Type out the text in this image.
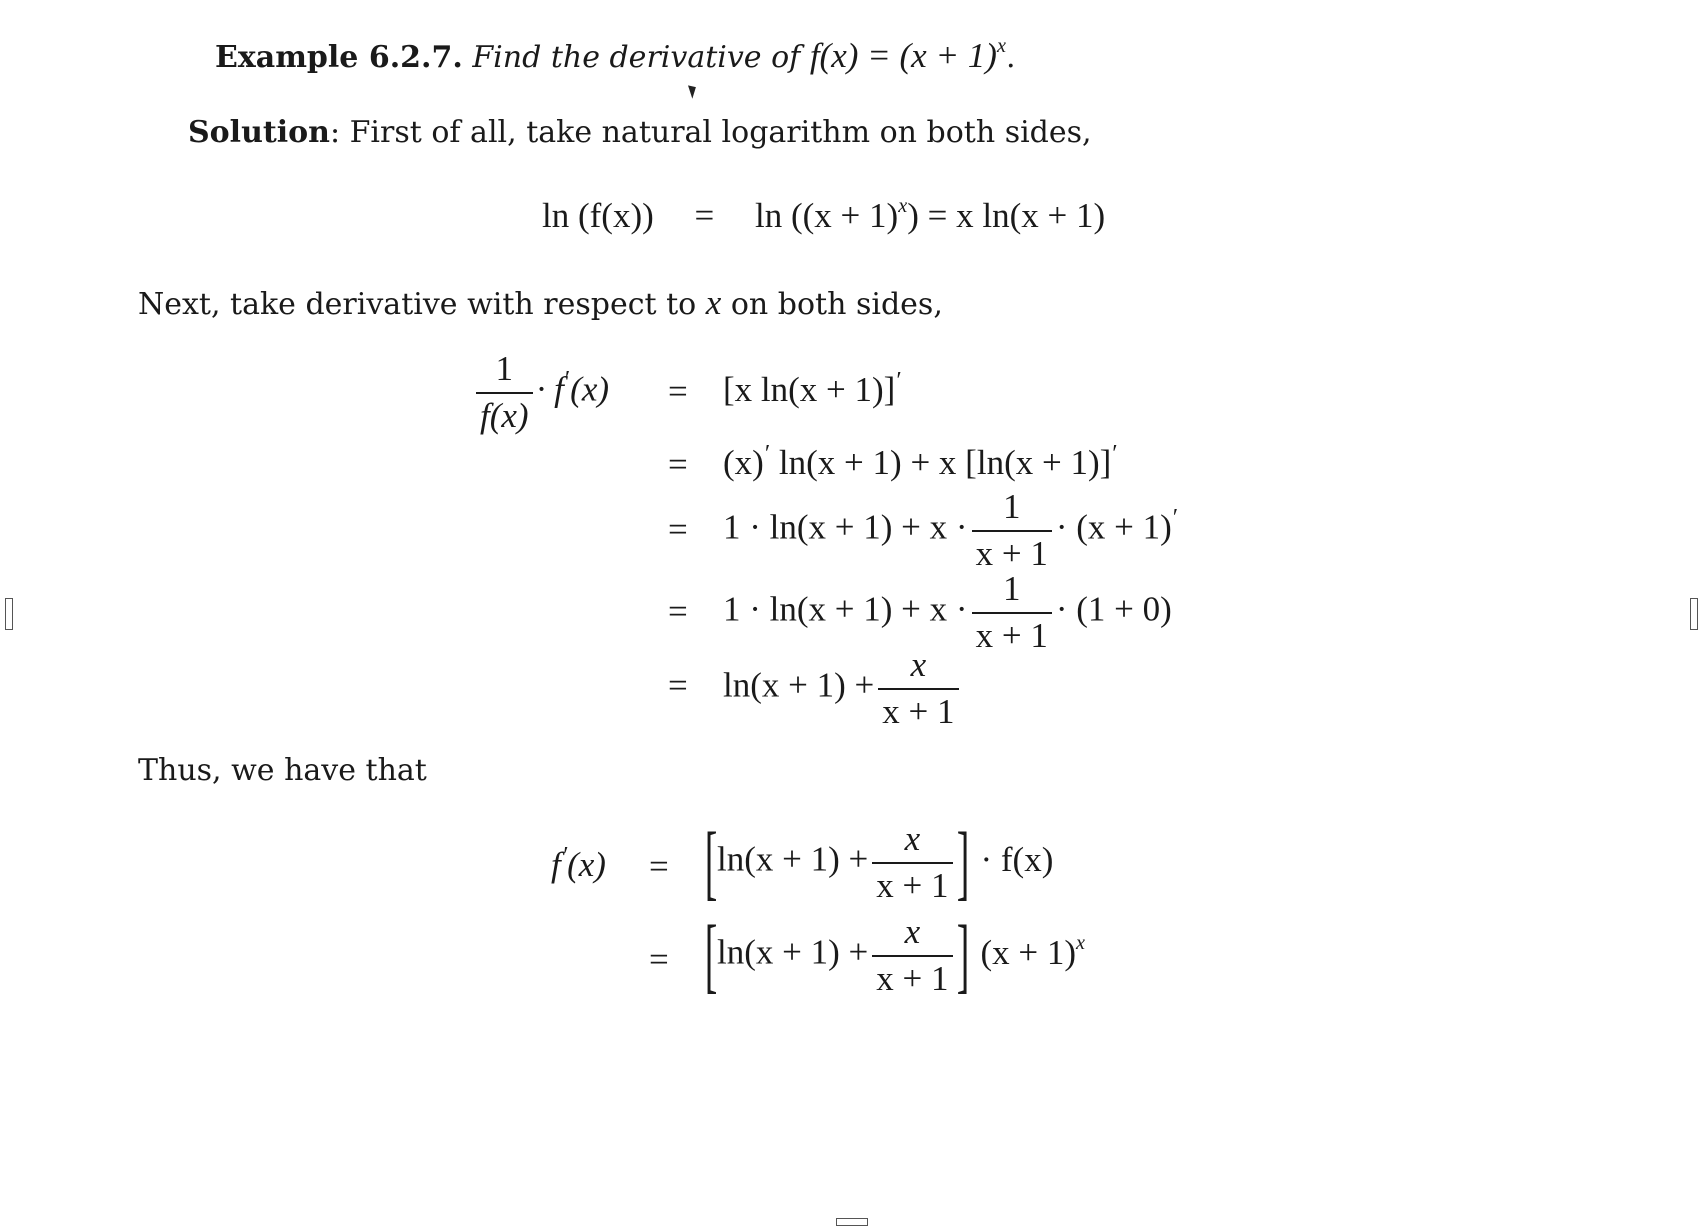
Example 6.2.7. Find the derivative of $f(x) = (x + 1)^x$.
Solution: First of all, take natural logarithm on both sides,
$\ln (f(x)) = \ln ((x + 1)^x) = x$ ln(x + 1)
Next, take derivative with respect to x on both sides,
$\frac{1}{f(x)} \cdot f'(x) = [x$ ln(x + 1)]′
= (x)′ ln(x + 1) + x [ln(x + 1)]′
= $1 \cdot \ln(x + 1) + x \cdot \frac{1}{x + 1} \cdot (x + 1)'$
= $1 \cdot \ln(x + 1) + x \cdot \frac{1}{x + 1} \cdot (1 + 0)$
= $\ln(x + 1) + \frac{x}{x + 1}$
Thus, we have that
$f'(x) = [\ln(x + 1) + \frac{x}{x + 1}$ ] · f(x)
= [$\ln(x + 1) + \frac{x}{x + 1}$ ] $(x + 1)^x$
